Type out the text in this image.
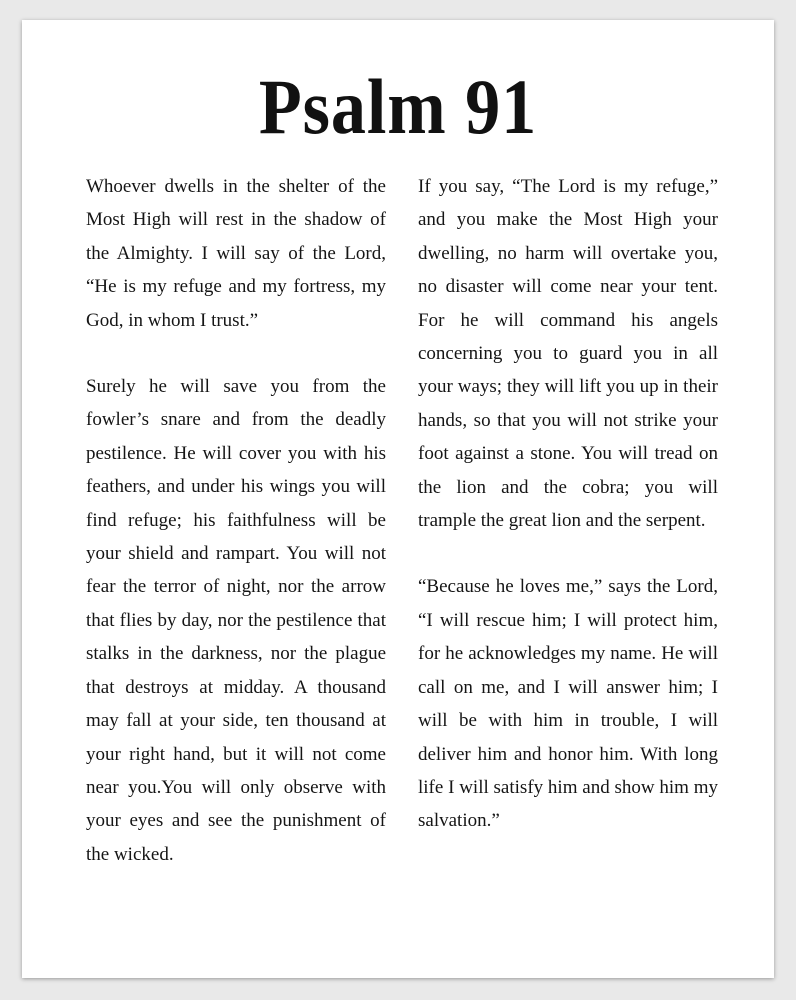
Psalm 91

Whoever dwells in the shelter of the Most High will rest in the shadow of the Almighty. I will say of the Lord, “He is my refuge and my fortress, my God, in whom I trust.”

Surely he will save you from the fowler’s snare and from the deadly pestilence. He will cover you with his feathers, and under his wings you will find refuge; his faithfulness will be your shield and rampart. You will not fear the terror of night, nor the arrow that flies by day, nor the pestilence that stalks in the darkness, nor the plague that destroys at midday. A thousand may fall at your side, ten thousand at your right hand, but it will not come near you.You will only observe with your eyes and see the punishment of the wicked.

If you say, “The Lord is my refuge,” and you make the Most High your dwelling, no harm will overtake you, no disaster will come near your tent. For he will command his angels concerning you to guard you in all your ways; they will lift you up in their hands, so that you will not strike your foot against a stone. You will tread on the lion and the cobra; you will trample the great lion and the serpent.

“Because he loves me,” says the Lord, “I will rescue him; I will protect him, for he acknowledges my name. He will call on me, and I will answer him; I will be with him in trouble, I will deliver him and honor him. With long life I will satisfy him and show him my salvation.”
